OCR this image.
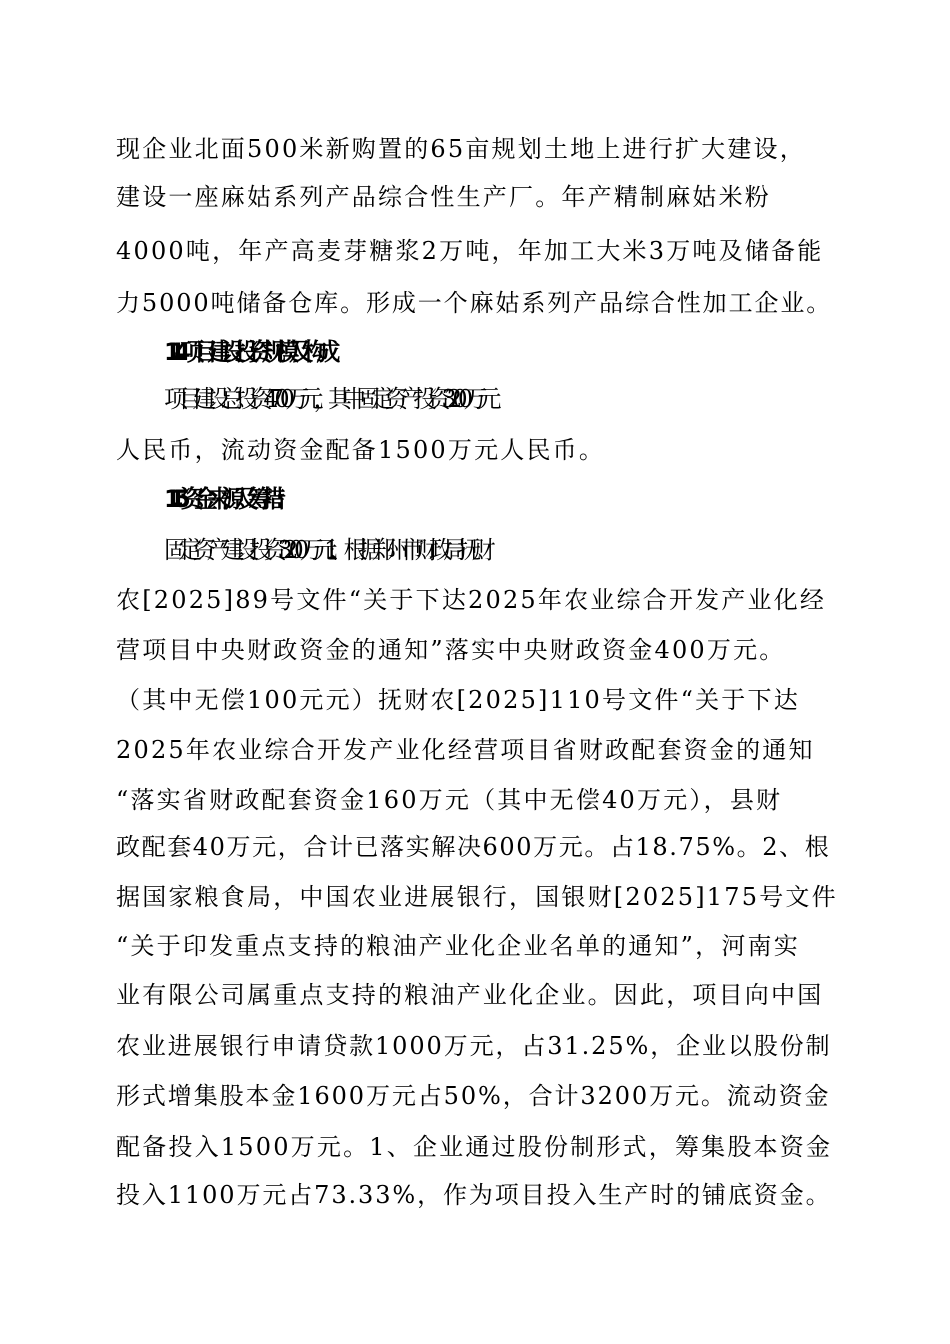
现企业北面500米新购置的65亩规划土地上进行扩大建设，
建设一座麻姑系列产品综合性生产厂。年产精制麻姑米粉
4000吨，年产高麦芽糖浆2万吨，年加工大米3万吨及储备能
力5000吨储备仓库。形成一个麻姑系列产品综合性加工企业。
1.1.4项目建设投资规模及构成
项目建设总投资4700万元，其中固定资产投资3200万元
人民币，流动资金配备1500万元人民币。
1.1.5资金来源及筹措:
固定资产建设投资3200万元: 1、根据郑州市财政局抚财
农[2025]89号文件“关于下达2025年农业综合开发产业化经
营项目中央财政资金的通知”落实中央财政资金400万元。
（其中无偿100元元）抚财农[2025]110号文件“关于下达
2025年农业综合开发产业化经营项目省财政配套资金的通知
“落实省财政配套资金160万元（其中无偿40万元），县财
政配套40万元，合计已落实解决600万元。占18.75%。2、根
据国家粮食局，中国农业进展银行，国银财[2025]175号文件
“关于印发重点支持的粮油产业化企业名单的通知”，河南实
业有限公司属重点支持的粮油产业化企业。因此，项目向中国
农业进展银行申请贷款1000万元，占31.25%，企业以股份制
形式增集股本金1600万元占50%，合计3200万元。流动资金
配备投入1500万元。1、企业通过股份制形式，筹集股本资金
投入1100万元占73.33%，作为项目投入生产时的铺底资金。
